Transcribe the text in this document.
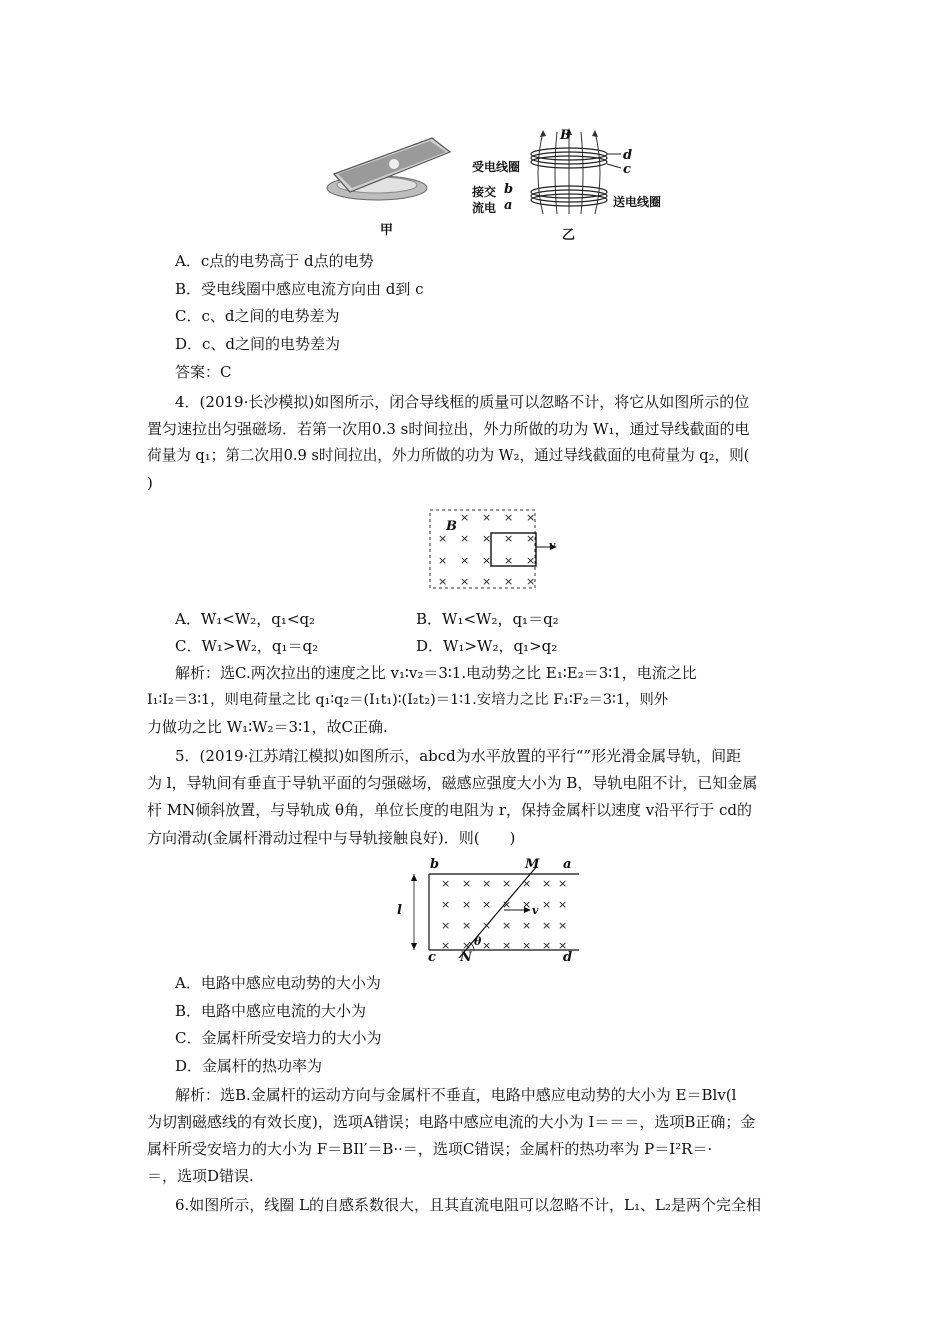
B
受电线圈
d
c
接交
流电
b
a	送电线圈
甲	乙
A．c点的电势高于 d点的电势
B．受电线圈中感应电流方向由 d到 c
C．c、d之间的电势差为
D．c、d之间的电势差为
答案：C
4．(2019·长沙模拟)如图所示，闭合导线框的质量可以忽略不计，将它从如图所示的位
置匀速拉出匀强磁场．若第一次用0.3 s时间拉出，外力所做的功为 W₁，通过导线截面的电
荷量为 q₁；第二次用0.9 s时间拉出，外力所做的功为 W₂，通过导线截面的电荷量为 q₂，则(
)
B
v
× × × ×
× × × × ×
× × × × ×
× × × × ×
A．W₁<W₂，q₁<q₂	B．W₁<W₂，q₁＝q₂
C．W₁>W₂，q₁＝q₂	D．W₁>W₂，q₁>q₂
解析：选C.两次拉出的速度之比 v₁∶v₂＝3∶1.电动势之比 E₁∶E₂＝3∶1，电流之比
I₁∶I₂＝3∶1，则电荷量之比 q₁∶q₂＝(I₁t₁)∶(I₂t₂)＝1∶1.安培力之比 F₁∶F₂＝3∶1，则外
力做功之比 W₁∶W₂＝3∶1，故C正确.
5．(2019·江苏靖江模拟)如图所示，abcd为水平放置的平行“”形光滑金属导轨，间距
为 l，导轨间有垂直于导轨平面的匀强磁场，磁感应强度大小为 B，导轨电阻不计，已知金属
杆 MN倾斜放置，与导轨成 θ角，单位长度的电阻为 r，保持金属杆以速度 v沿平行于 cd的
方向滑动(金属杆滑动过程中与导轨接触良好)．则(　　)
b	M a
l	v
θ
c N	d
× × × × × × ×
× × × × × × ×
× × × × × × ×
× × × × × × ×
A．电路中感应电动势的大小为
B．电路中感应电流的大小为
C．金属杆所受安培力的大小为
D．金属杆的热功率为
解析：选B.金属杆的运动方向与金属杆不垂直，电路中感应电动势的大小为 E＝Blv(l
为切割磁感线的有效长度)，选项A错误；电路中感应电流的大小为 I＝＝＝，选项B正确；金
属杆所受安培力的大小为 F＝BIl′＝B··＝，选项C错误；金属杆的热功率为 P＝I²R＝·
＝，选项D错误.
6.如图所示，线圈 L的自感系数很大，且其直流电阻可以忽略不计，L₁、L₂是两个完全相
